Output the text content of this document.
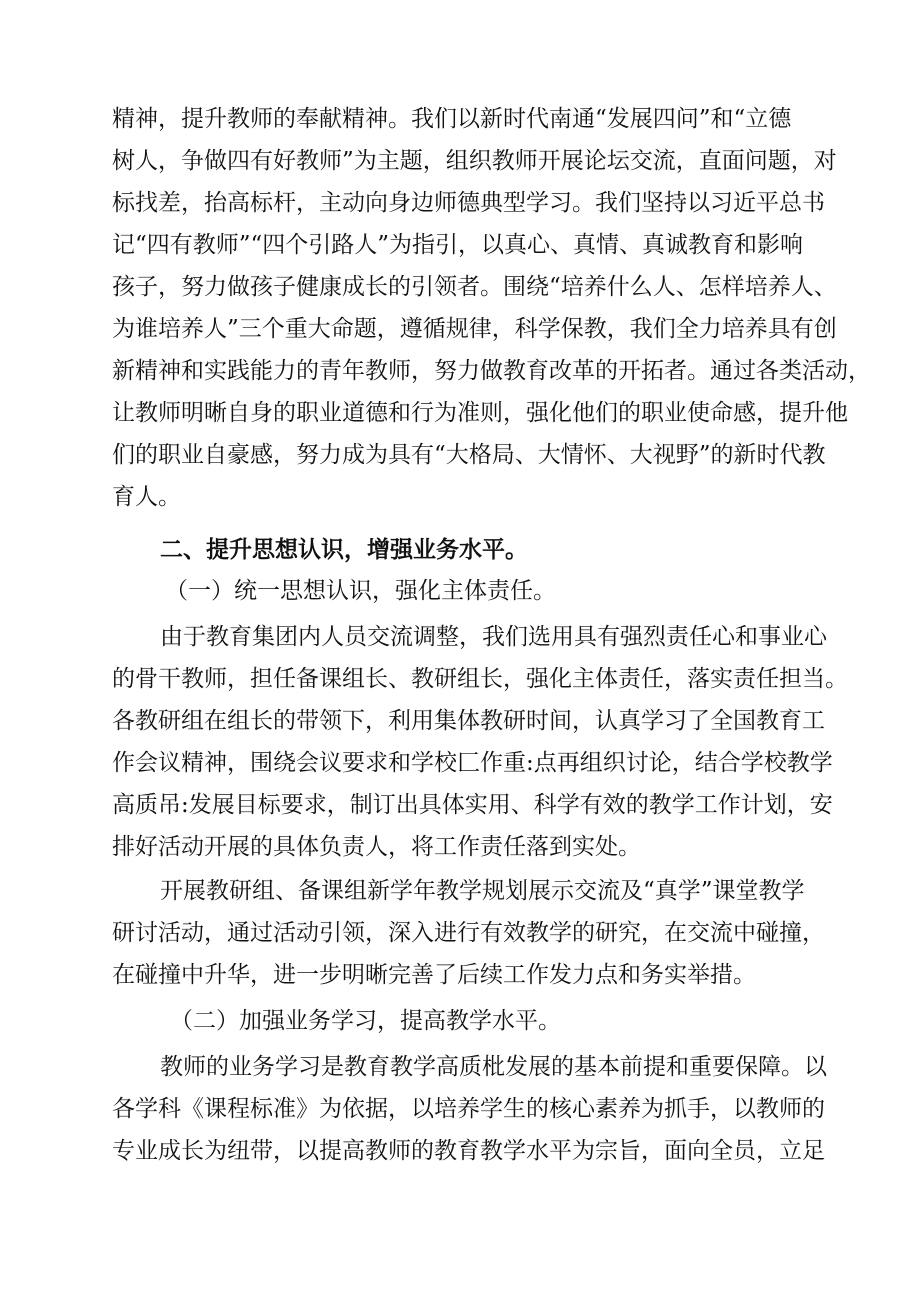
精神，提升教师的奉献精神。我们以新时代南通“发展四问”和“立德
树人，争做四有好教师”为主题，组织教师开展论坛交流，直面问题，对
标找差，抬高标杆，主动向身边师德典型学习。我们坚持以习近平总书
记“四有教师”“四个引路人”为指引，以真心、真情、真诚教育和影响
孩子，努力做孩子健康成长的引领者。围绕“培养什么人、怎样培养人、
为谁培养人”三个重大命题，遵循规律，科学保教，我们全力培养具有创
新精神和实践能力的青年教师，努力做教育改革的开拓者。通过各类活动，
让教师明晰自身的职业道德和行为准则，强化他们的职业使命感，提升他
们的职业自豪感，努力成为具有“大格局、大情怀、大视野”的新时代教
育人。
二、提升思想认识，增强业务水平。
（一）统一思想认识，强化主体责任。
由于教育集团内人员交流调整，我们选用具有强烈责任心和事业心
的骨干教师，担任备课组长、教研组长，强化主体责任，落实责任担当。
各教研组在组长的带领下，利用集体教研时间，认真学习了全国教育工
作会议精神，围绕会议要求和学校匚作重:点再组织讨论，结合学校教学
高质吊:发展目标要求，制订出具体实用、科学有效的教学工作计划，安
排好活动开展的具体负责人，将工作责任落到实处。
开展教研组、备课组新学年教学规划展示交流及“真学”课堂教学
研讨活动，通过活动引领，深入进行有效教学的研究，在交流中碰撞，
在碰撞中升华，进一步明晰完善了后续工作发力点和务实举措。
（二）加强业务学习，提高教学水平。
教师的业务学习是教育教学高质枇发展的基本前提和重要保障。以
各学科《课程标准》为依据，以培养学生的核心素养为抓手，以教师的
专业成长为纽带，以提高教师的教育教学水平为宗旨，面向全员，立足
